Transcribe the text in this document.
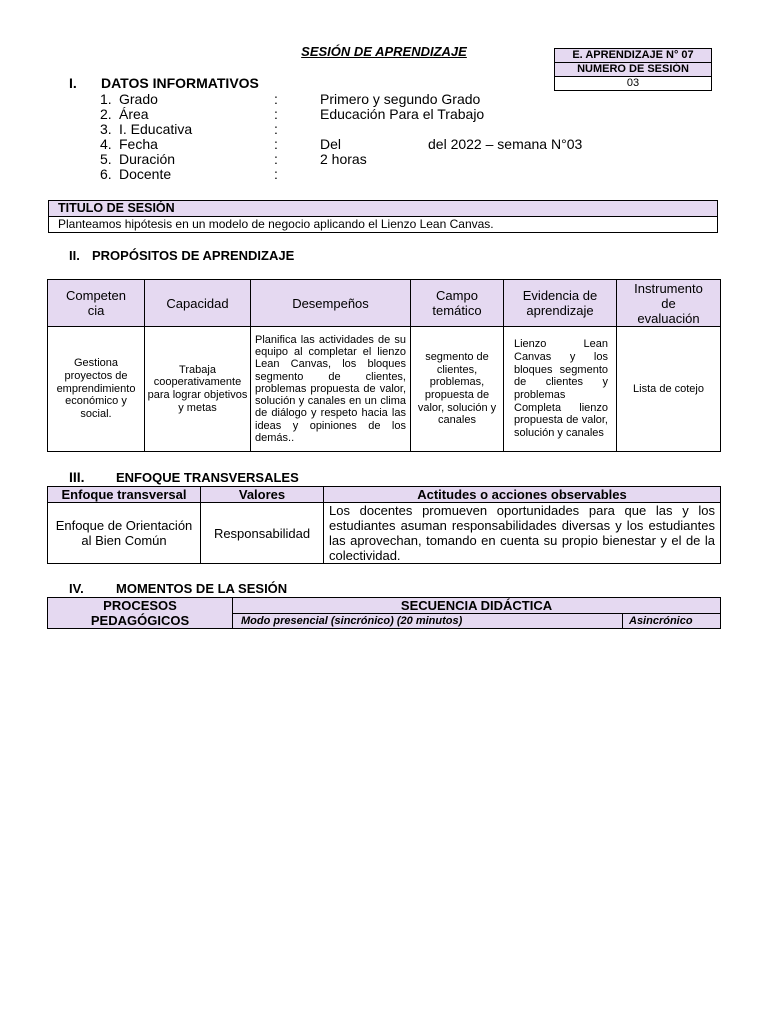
SESIÓN DE APRENDIZAJE	E. APRENDIZAJE N° 07
NUMERO DE SESIÓN
03
I. DATOS INFORMATIVOS
1. Grado	:	Primero y segundo Grado
2. Área	:	Educación Para el Trabajo
3. I. Educativa	:
4. Fecha	:	Del	del 2022 – semana N°03
5. Duración	:	2 horas
6. Docente	:
TITULO DE SESIÓN
Planteamos hipótesis en un modelo de negocio aplicando el Lienzo Lean Canvas.
II. PROPÓSITOS DE APRENDIZAJE
Competencia	Capacidad	Desempeños	Campo temático	Evidencia de aprendizaje	Instrumento de evaluación

Gestiona proyectos de emprendimiento económico y social.	Trabaja cooperativamente para lograr objetivos y metas	Planifica las actividades de su equipo al completar el lienzo Lean Canvas, los bloques segmento de clientes, problemas propuesta de valor, solución y canales en un clima de diálogo y respeto hacia las ideas y opiniones de los demás..	segmento de clientes, problemas, propuesta de valor, solución y canales	Lienzo Lean Canvas y los bloques segmento de clientes y problemas Completa lienzo propuesta de valor, solución y canales	Lista de cotejo
III. ENFOQUE TRANSVERSALES
Enfoque transversal	Valores	Actitudes o acciones observables

Enfoque de Orientación al Bien Común	Responsabilidad	Los docentes promueven oportunidades para que las y los estudiantes asuman responsabilidades diversas y los estudiantes las aprovechan, tomando en cuenta su propio bienestar y el de la colectividad.
IV. MOMENTOS DE LA SESIÓN
PROCESOS PEDAGÓGICOS	SECUENCIA DIDÁCTICA	
	Modo presencial (sincrónico) (20 minutos)	Asincrónico
